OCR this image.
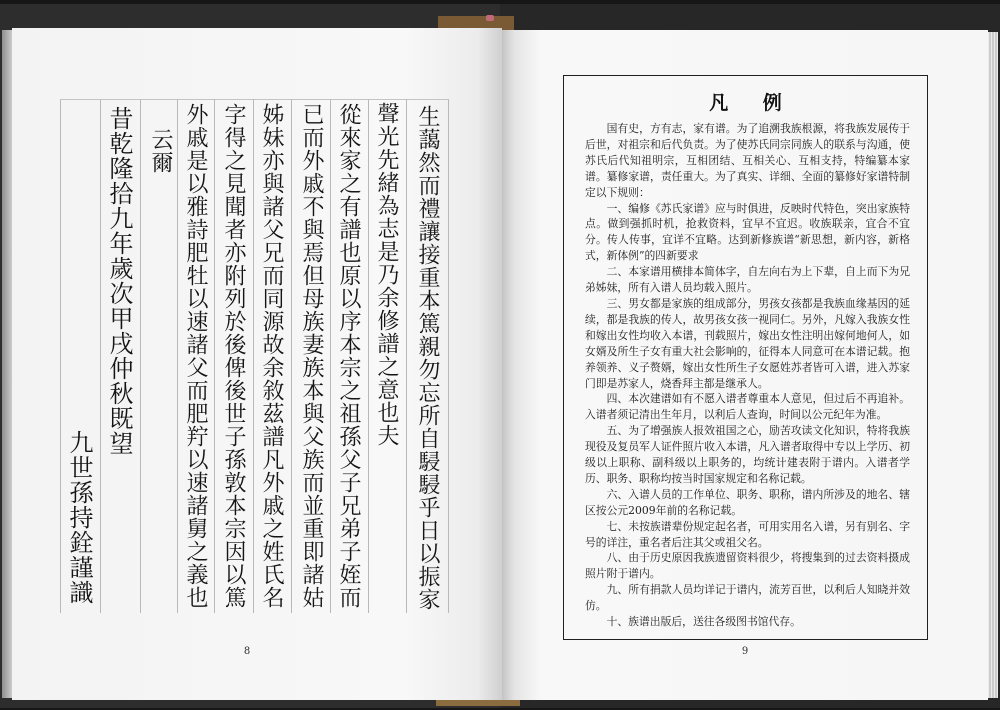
生藹然而禮讓接重本篤親勿忘所自駸駸乎日以振家
聲光先緒為志是乃余修譜之意也夫
從來家之有譜也原以序本宗之祖孫父子兄弟子姪而
已而外戚不與焉但母族妻族本與父族而並重即諸姑
姊妹亦與諸父兄而同源故余敘茲譜凡外戚之姓氏名
字得之見聞者亦附列於後俾後世子孫敦本宗因以篤
外戚是以雅詩肥牡以速諸父而肥羜以速諸舅之義也
云爾
昔乾隆拾九年歲次甲戌仲秋既望
九世孫持銓謹識
8
凡 例

国有史，方有志，家有谱。为了追溯我族根源，将我族发展传于后世，对祖宗和后代负责。为了使苏氏同宗同族人的联系与沟通，使苏氏后代知祖明宗，互相团结、互相关心、互相支持，特编纂本家谱。纂修家谱，责任重大。为了真实、详细、全面的纂修好家谱特制定以下规则：

一、编修《苏氏家谱》应与时俱进，反映时代特色，突出家族特点。做到强抓时机，抢救资料，宜早不宜迟。收族联亲，宜合不宜分。传人传事，宜详不宜略。达到新修族谱“新思想，新内容，新格式，新体例”的四新要求

二、本家谱用横排本简体字，自左向右为上下辈，自上而下为兄弟姊妹，所有入谱人员均载入照片。

三、男女都是家族的组成部分，男孩女孩都是我族血缘基因的延续，都是我族的传人，故男孩女孩一视同仁。另外，凡嫁入我族女性和嫁出女性均收入本谱，刊载照片，嫁出女性注明出嫁何地何人，如女婿及所生子女有重大社会影响的，征得本人同意可在本谱记载。抱养领养、义子赘婿，嫁出女性所生子女愿姓苏者皆可入谱，进入苏家门即是苏家人，烧香拜主都是继承人。

四、本次建谱如有不愿入谱者尊重本人意见，但过后不再追补。入谱者须记清出生年月，以利后人查询，时间以公元纪年为准。

五、为了增强族人报效祖国之心，励苦攻读文化知识，特将我族现役及复员军人证件照片收入本谱，凡入谱者取得中专以上学历、初级以上职称、副科级以上职务的，均统计建表附于谱内。入谱者学历、职务、职称均按当时国家规定和名称记载。

六、入谱人员的工作单位、职务、职称，谱内所涉及的地名、辖区按公元2009年前的名称记载。

七、未按族谱辈份规定起名者，可用实用名入谱，另有别名、字号的详注，重名者后注其父或祖父名。

八、由于历史原因我族遗留资料很少，将搜集到的过去资料摄成照片附于谱内。

九、所有捐款人员均详记于谱内，流芳百世，以利后人知晓并效仿。

十、族谱出版后，送往各级图书馆代存。

9
